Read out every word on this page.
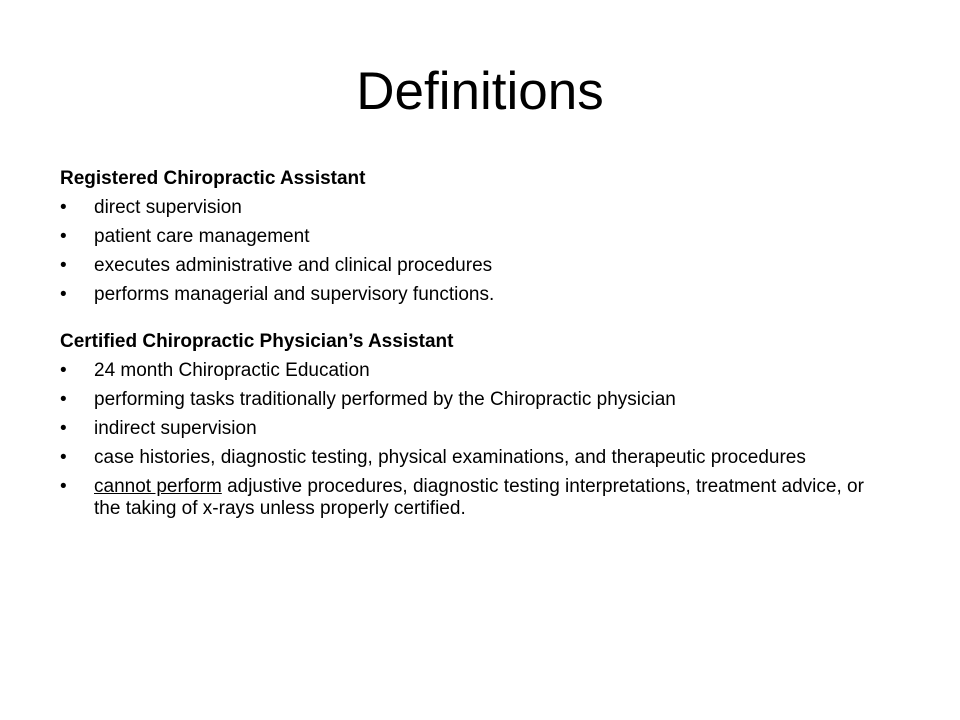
Definitions
Registered Chiropractic Assistant
• direct supervision
• patient care management
• executes administrative and clinical procedures
• performs managerial and supervisory functions.
Certified Chiropractic Physician’s Assistant
• 24 month Chiropractic Education
• performing tasks traditionally performed by the Chiropractic physician
• indirect supervision
• case histories, diagnostic testing, physical examinations, and therapeutic procedures
• cannot perform adjustive procedures, diagnostic testing interpretations, treatment advice, or the taking of x-rays unless properly certified.
